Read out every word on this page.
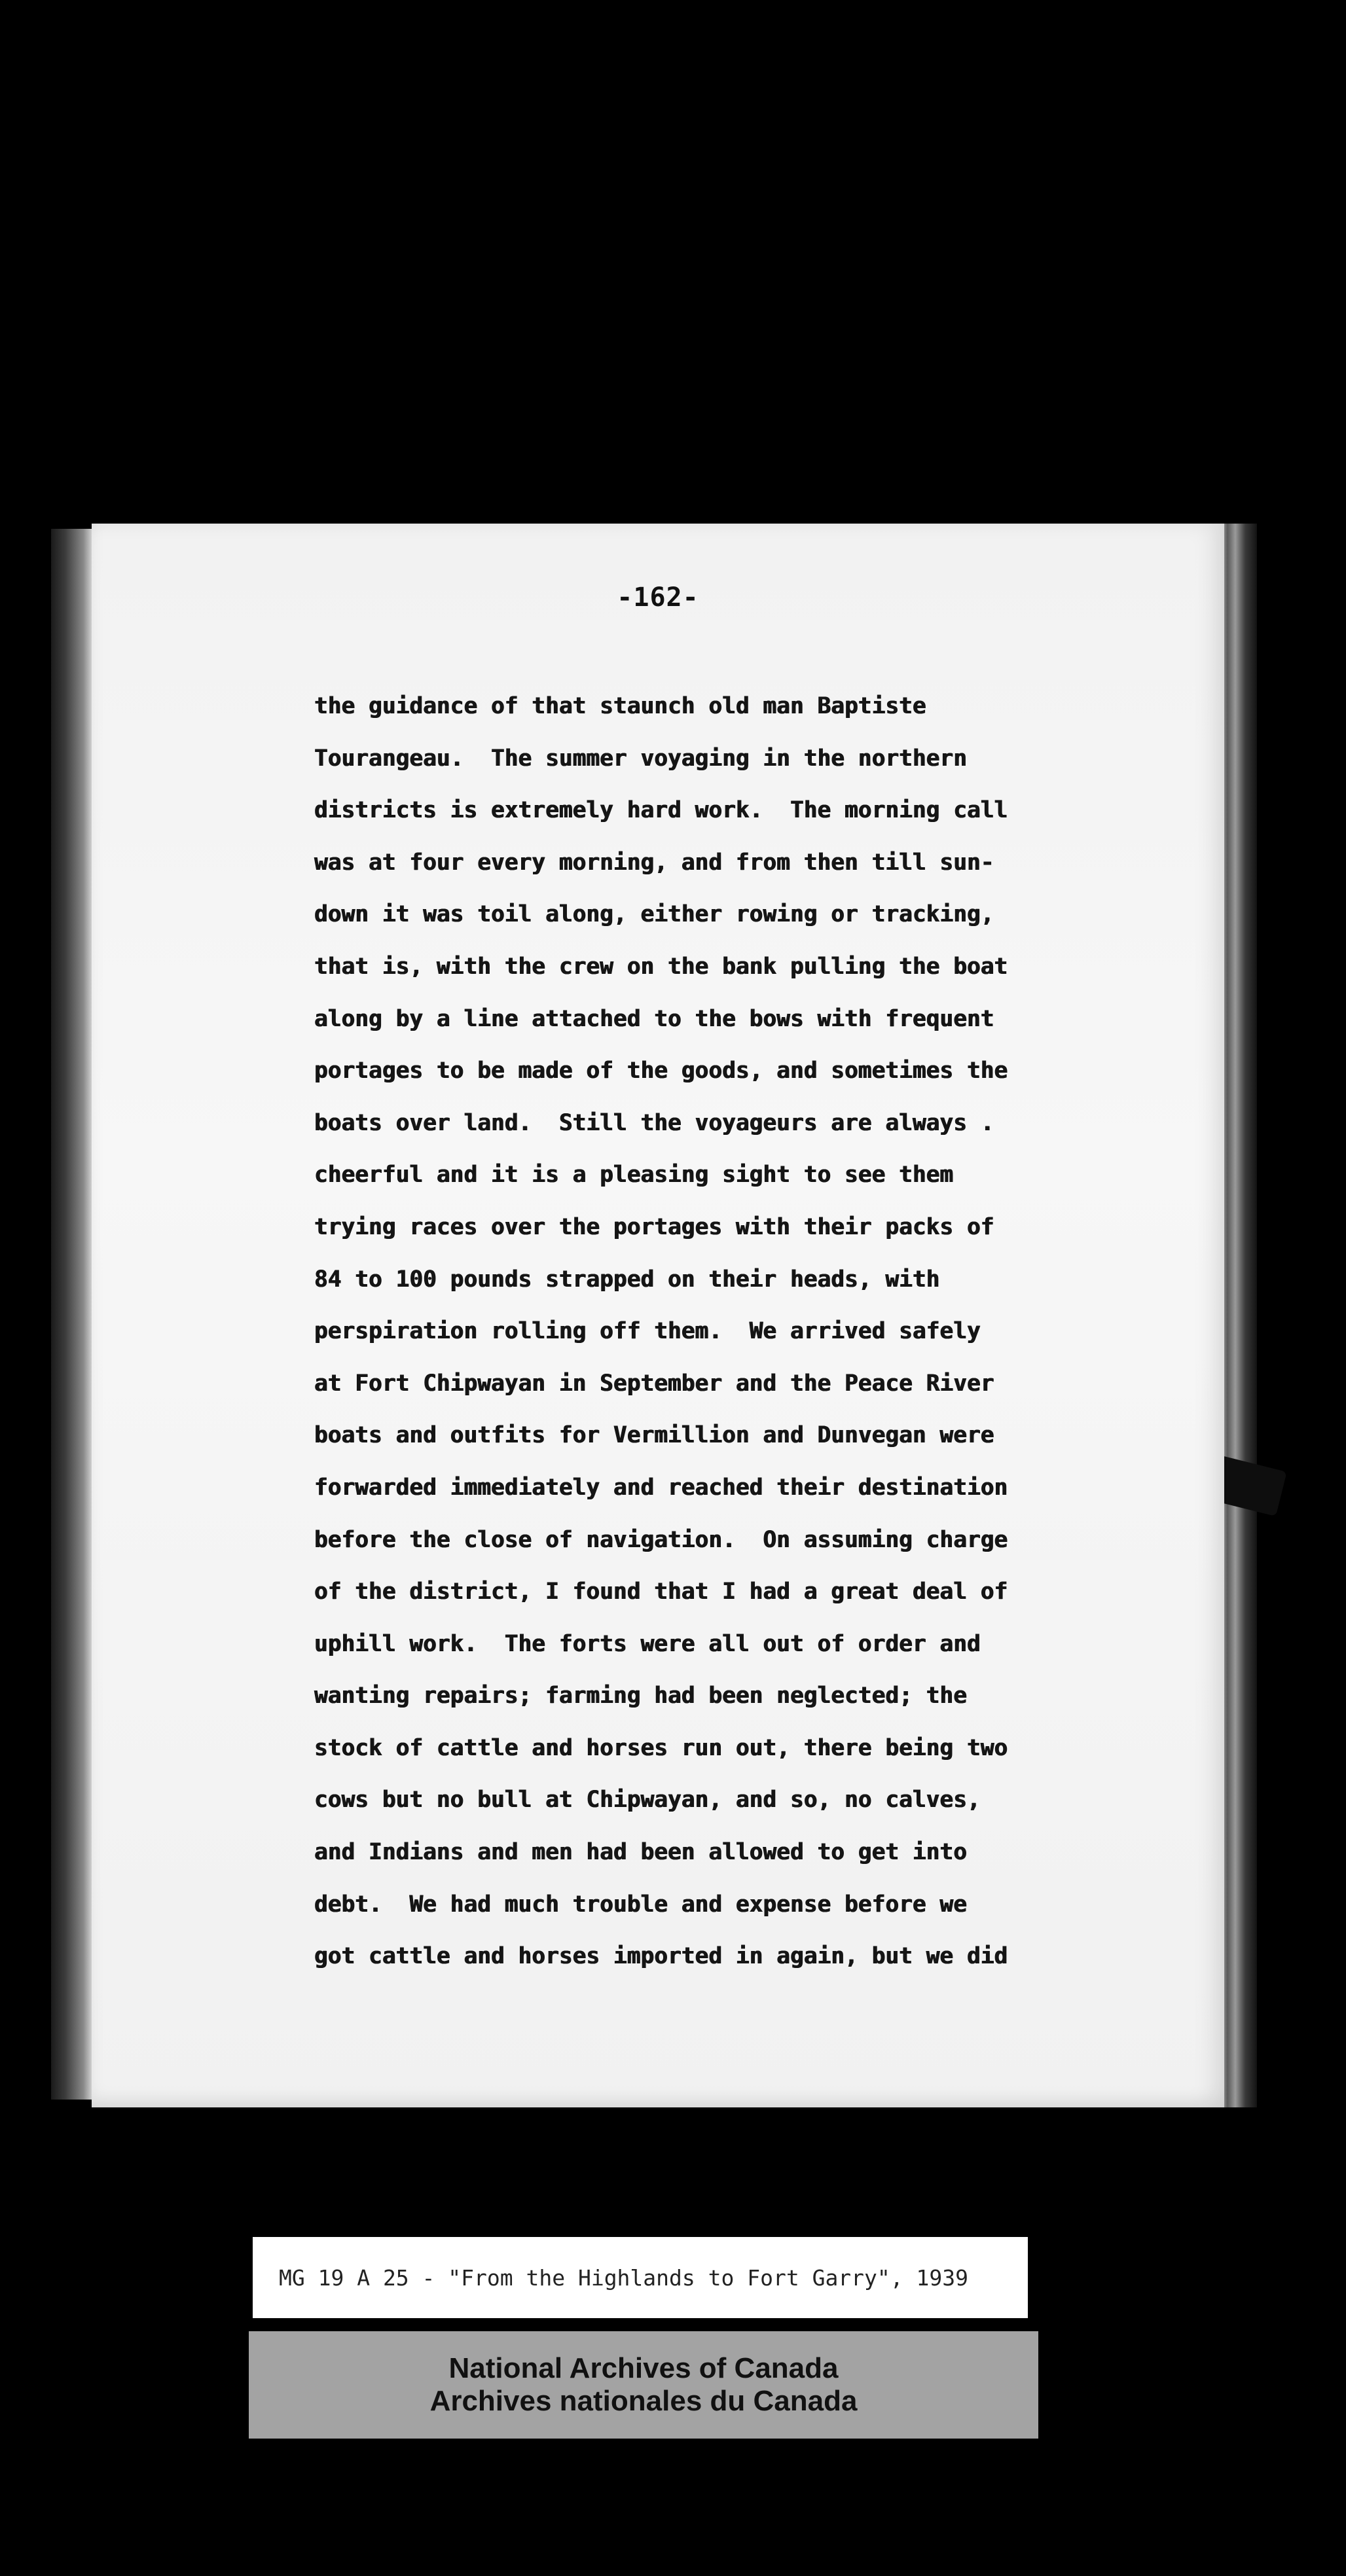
-162-
the guidance of that staunch old man Baptiste
Tourangeau.  The summer voyaging in the northern
districts is extremely hard work.  The morning call
was at four every morning, and from then till sun-
down it was toil along, either rowing or tracking,
that is, with the crew on the bank pulling the boat
along by a line attached to the bows with frequent
portages to be made of the goods, and sometimes the
boats over land.  Still the voyageurs are always .
cheerful and it is a pleasing sight to see them
trying races over the portages with their packs of
84 to 100 pounds strapped on their heads, with
perspiration rolling off them.  We arrived safely
at Fort Chipwayan in September and the Peace River
boats and outfits for Vermillion and Dunvegan were
forwarded immediately and reached their destination
before the close of navigation.  On assuming charge
of the district, I found that I had a great deal of
uphill work.  The forts were all out of order and
wanting repairs; farming had been neglected; the
stock of cattle and horses run out, there being two
cows but no bull at Chipwayan, and so, no calves,
and Indians and men had been allowed to get into
debt.  We had much trouble and expense before we
got cattle and horses imported in again, but we did
MG 19 A 25 - "From the Highlands to Fort Garry", 1939
National Archives of Canada
Archives nationales du Canada
